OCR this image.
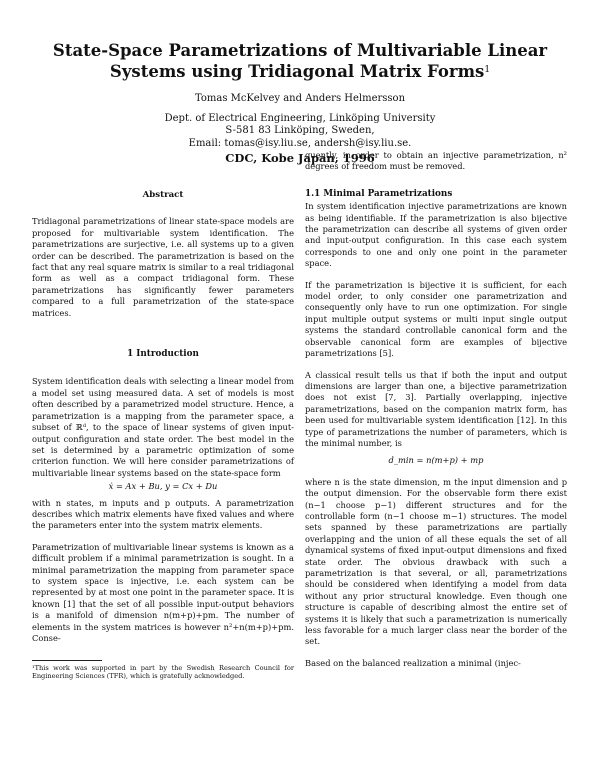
State-Space Parametrizations of Multivariable Linear
Systems using Tridiagonal Matrix Forms$^1$
Tomas McKelvey and Anders Helmersson
Dept. of Electrical Engineering, Linköping University
S-581 83 Linköping, Sweden,
Email: tomas@isy.liu.se, andersh@isy.liu.se.
CDC, Kobe Japan, 1996
Abstract

Tridiagonal parametrizations of linear state-space models are proposed for multivariable system identification. The parametrizations are surjective, i.e. all systems up to a given order can be described. The parametrization is based on the fact that any real square matrix is similar to a real tridiagonal form as well as a compact tridiagonal form. These parametrizations has significantly fewer parameters compared to a full parametrization of the state-space matrices.

1 Introduction

System identification deals with selecting a linear model from a model set using measured data. A set of models is most often described by a parametrized model structure. Hence, a parametrization is a mapping from the parameter space, a subset of ℝᵈ, to the space of linear systems of given input-output configuration and state order. The best model in the set is determined by a parametric optimization of some criterion function. We will here consider parametrizations of multivariable linear systems based on the state-space form

ẋ = Ax + Bu, y = Cx + Du

with n states, m inputs and p outputs. A parametrization describes which matrix elements have fixed values and where the parameters enter into the system matrix elements.

Parametrization of multivariable linear systems is known as a difficult problem if a minimal parametrization is sought. In a minimal parametrization the mapping from parameter space to system space is injective, i.e. each system can be represented by at most one point in the parameter space. It is known [1] that the set of all possible input-output behaviors is a manifold of dimension n(m+p)+pm. The number of elements in the system matrices is however n²+n(m+p)+pm. Conse-

¹This work was supported in part by the Swedish Research Council for Engineering Sciences (TFR), which is gratefully acknowledged.

quently, in order to obtain an injective parametrization, n² degrees of freedom must be removed.

1.1 Minimal Parametrizations

In system identification injective parametrizations are known as being identifiable. If the parametrization is also bijective the parametrization can describe all systems of given order and input-output configuration. In this case each system corresponds to one and only one point in the parameter space.

If the parametrization is bijective it is sufficient, for each model order, to only consider one parametrization and consequently only have to run one optimization. For single input multiple output systems or multi input single output systems the standard controllable canonical form and the observable canonical form are examples of bijective parametrizations [5].

A classical result tells us that if both the input and output dimensions are larger than one, a bijective parametrization does not exist [7, 3]. Partially overlapping, injective parametrizations, based on the companion matrix form, has been used for multivariable system identification [12]. In this type of parametrizations the number of parameters, which is the minimal number, is

d_min = n(m+p) + mp

where n is the state dimension, m the input dimension and p the output dimension. For the observable form there exist (n−1 choose p−1) different structures and for the controllable form (n−1 choose m−1) structures. The model sets spanned by these parametrizations are partially overlapping and the union of all these equals the set of all dynamical systems of fixed input-output dimensions and fixed state order. The obvious drawback with such a parametrization is that several, or all, parametrizations should be considered when identifying a model from data without any prior structural knowledge. Even though one structure is capable of describing almost the entire set of systems it is likely that such a parametrization is numerically less favorable for a much larger class near the border of the set.

Based on the balanced realization a minimal (injec-
